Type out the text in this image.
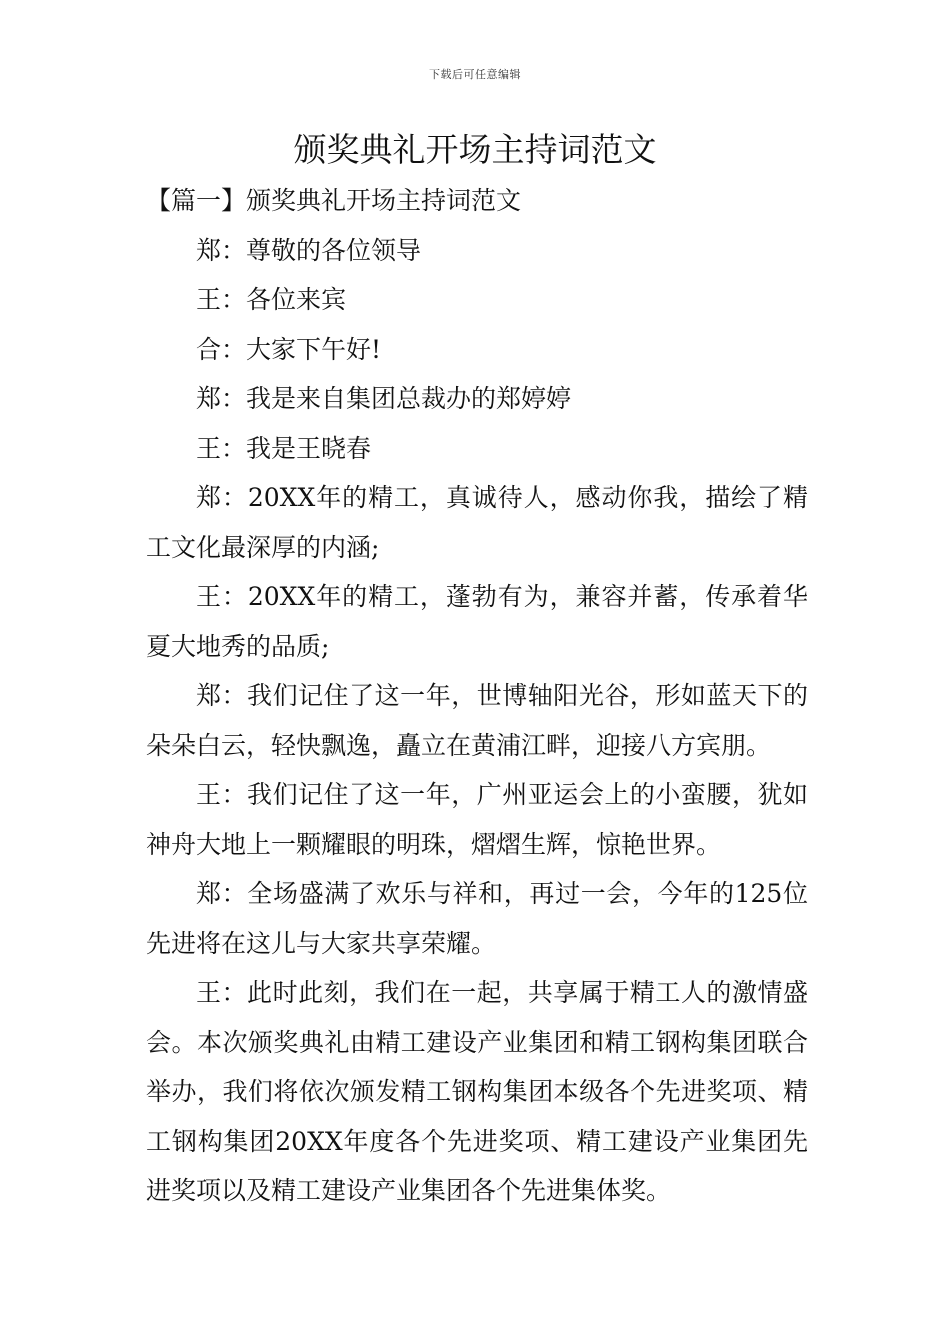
下载后可任意编辑
颁奖典礼开场主持词范文
【篇一】颁奖典礼开场主持词范文

郑：尊敬的各位领导

王：各位来宾

合：大家下午好!

郑：我是来自集团总裁办的郑婷婷

王：我是王晓春

郑：20XX年的精工，真诚待人，感动你我，描绘了精工文化最深厚的内涵;

王：20XX年的精工，蓬勃有为，兼容并蓄，传承着华夏大地秀的品质;

郑：我们记住了这一年，世博轴阳光谷，形如蓝天下的朵朵白云，轻快飘逸，矗立在黄浦江畔，迎接八方宾朋。

王：我们记住了这一年，广州亚运会上的小蛮腰，犹如神舟大地上一颗耀眼的明珠，熠熠生辉，惊艳世界。

郑：全场盛满了欢乐与祥和，再过一会，今年的125位先进将在这儿与大家共享荣耀。

王：此时此刻，我们在一起，共享属于精工人的激情盛会。本次颁奖典礼由精工建设产业集团和精工钢构集团联合举办，我们将依次颁发精工钢构集团本级各个先进奖项、精工钢构集团20XX年度各个先进奖项、精工建设产业集团先进奖项以及精工建设产业集团各个先进集体奖。
